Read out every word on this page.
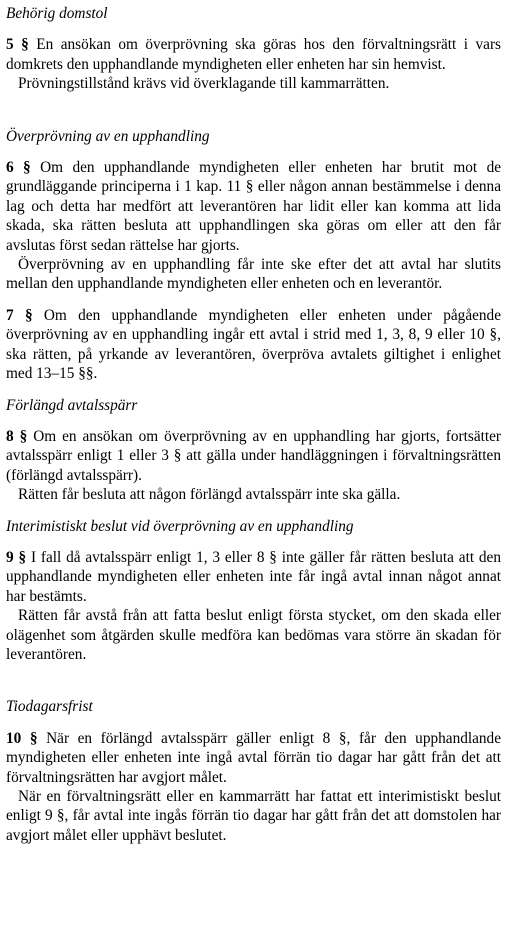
Behörig domstol

5 § En ansökan om överprövning ska göras hos den förvaltningsrätt i vars domkrets den upphandlande myndigheten eller enheten har sin hemvist.

Prövningstillstånd krävs vid överklagande till kammarrätten.

Överprövning av en upphandling

6 § Om den upphandlande myndigheten eller enheten har brutit mot de grundläggande principerna i 1 kap. 11 § eller någon annan bestämmelse i denna lag och detta har medfört att leverantören har lidit eller kan komma att lida skada, ska rätten besluta att upphandlingen ska göras om eller att den får avslutas först sedan rättelse har gjorts.

Överprövning av en upphandling får inte ske efter det att avtal har slutits mellan den upphandlande myndigheten eller enheten och en leverantör.

7 § Om den upphandlande myndigheten eller enheten under pågående överprövning av en upphandling ingår ett avtal i strid med 1, 3, 8, 9 eller 10 §, ska rätten, på yrkande av leverantören, överpröva avtalets giltighet i enlighet med 13–15 §§.

Förlängd avtalsspärr

8 § Om en ansökan om överprövning av en upphandling har gjorts, fortsätter avtalsspärr enligt 1 eller 3 § att gälla under handläggningen i förvaltningsrätten (förlängd avtalsspärr).

Rätten får besluta att någon förlängd avtalsspärr inte ska gälla.

Interimistiskt beslut vid överprövning av en upphandling

9 § I fall då avtalsspärr enligt 1, 3 eller 8 § inte gäller får rätten besluta att den upphandlande myndigheten eller enheten inte får ingå avtal innan något annat har bestämts.

Rätten får avstå från att fatta beslut enligt första stycket, om den skada eller olägenhet som åtgärden skulle medföra kan bedömas vara större än skadan för leverantören.

Tiodagarsfrist

10 § När en förlängd avtalsspärr gäller enligt 8 §, får den upphandlande myndigheten eller enheten inte ingå avtal förrän tio dagar har gått från det att förvaltningsrätten har avgjort målet.

När en förvaltningsrätt eller en kammarrätt har fattat ett interimistiskt beslut enligt 9 §, får avtal inte ingås förrän tio dagar har gått från det att domstolen har avgjort målet eller upphävt beslutet.
